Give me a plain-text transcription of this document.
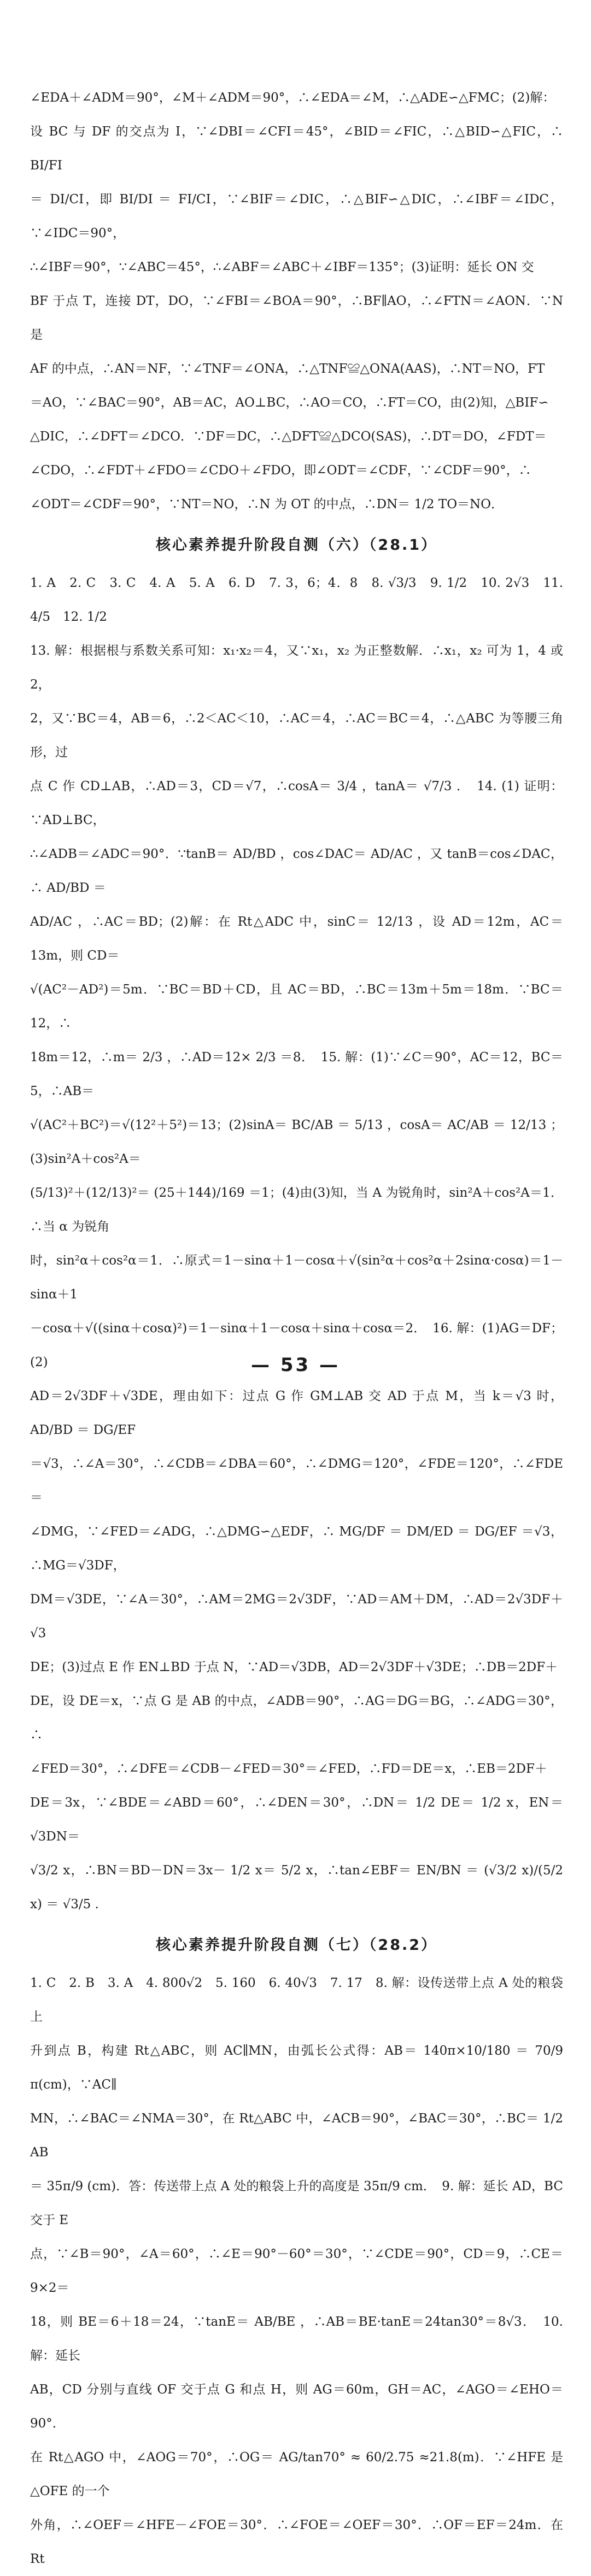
∠EDA＋∠ADM＝90°，∠M＋∠ADM＝90°，∴∠EDA＝∠M，∴△ADE∽△FMC；(2)解：

设 BC 与 DF 的交点为 I，∵∠DBI＝∠CFI＝45°，∠BID＝∠FIC，∴△BID∽△FIC，∴ BI/FI

＝ DI/CI，即 BI/DI ＝ FI/CI，∵∠BIF＝∠DIC，∴△BIF∽△DIC，∴∠IBF＝∠IDC，∵∠IDC＝90°，

∴∠IBF＝90°，∵∠ABC＝45°，∴∠ABF＝∠ABC＋∠IBF＝135°；(3)证明：延长 ON 交

BF 于点 T，连接 DT，DO，∵∠FBI＝∠BOA＝90°，∴BF∥AO，∴∠FTN＝∠AON．∵N 是

AF 的中点，∴AN＝NF，∵∠TNF＝∠ONA，∴△TNF≌△ONA(AAS)，∴NT＝NO，FT

＝AO，∵∠BAC＝90°，AB＝AC，AO⊥BC，∴AO＝CO，∴FT＝CO，由(2)知，△BIF∽

△DIC，∴∠DFT＝∠DCO．∵DF＝DC，∴△DFT≌△DCO(SAS)，∴DT＝DO，∠FDT＝

∠CDO，∴∠FDT＋∠FDO＝∠CDO＋∠FDO，即∠ODT＝∠CDF，∵∠CDF＝90°，∴

∠ODT＝∠CDF＝90°，∵NT＝NO，∴N 为 OT 的中点，∴DN＝ 1/2 TO＝NO．

核心素养提升阶段自测（六）（28.1）

1. A　2. C　3. C　4. A　5. A　6. D　7. 3，6；4．8　8. √3/3　9. 1/2　10. 2√3　11. 4/5　12. 1/2

13. 解：根据根与系数关系可知：x₁·x₂＝4，又∵x₁，x₂ 为正整数解．∴x₁，x₂ 可为 1，4 或 2，

2，又∵BC＝4，AB＝6，∴2＜AC＜10，∴AC＝4，∴AC＝BC＝4，∴△ABC 为等腰三角形，过

点 C 作 CD⊥AB，∴AD＝3，CD＝√7，∴cosA＝ 3/4 ，tanA＝ √7/3 ．　14. (1) 证明：∵AD⊥BC，

∴∠ADB＝∠ADC＝90°．∵tanB＝ AD/BD ，cos∠DAC＝ AD/AC ，又 tanB＝cos∠DAC，∴ AD/BD ＝

AD/AC ，∴AC＝BD；(2)解：在 Rt△ADC 中，sinC＝ 12/13 ，设 AD＝12m，AC＝13m，则 CD＝

√(AC²－AD²)＝5m．∵BC＝BD＋CD，且 AC＝BD，∴BC＝13m＋5m＝18m．∵BC＝12，∴

18m＝12，∴m＝ 2/3 ，∴AD＝12× 2/3 ＝8．　15. 解：(1)∵∠C＝90°，AC＝12，BC＝5，∴AB＝

√(AC²＋BC²)＝√(12²＋5²)＝13；(2)sinA＝ BC/AB ＝ 5/13 ，cosA＝ AC/AB ＝ 12/13 ；(3)sin²A＋cos²A＝

(5/13)²＋(12/13)²＝ (25＋144)/169 ＝1；(4)由(3)知，当 A 为锐角时，sin²A＋cos²A＝1．∴当 α 为锐角

时，sin²α＋cos²α＝1．∴原式＝1－sinα＋1－cosα＋√(sin²α＋cos²α＋2sinα·cosα)＝1－sinα＋1

－cosα＋√((sinα＋cosα)²)＝1－sinα＋1－cosα＋sinα＋cosα＝2．　16. 解：(1)AG＝DF；(2)

AD＝2√3DF＋√3DE，理由如下：过点 G 作 GM⊥AB 交 AD 于点 M，当 k＝√3 时， AD/BD ＝ DG/EF

＝√3，∴∠A＝30°，∴∠CDB＝∠DBA＝60°，∴∠DMG＝120°，∠FDE＝120°，∴∠FDE＝

∠DMG，∵∠FED＝∠ADG，∴△DMG∽△EDF，∴ MG/DF ＝ DM/ED ＝ DG/EF ＝√3，∴MG＝√3DF，

DM＝√3DE，∵∠A＝30°，∴AM＝2MG＝2√3DF，∵AD＝AM＋DM，∴AD＝2√3DF＋√3

DE；(3)过点 E 作 EN⊥BD 于点 N，∵AD＝√3DB，AD＝2√3DF＋√3DE；∴DB＝2DF＋

DE，设 DE＝x，∵点 G 是 AB 的中点，∠ADB＝90°，∴AG＝DG＝BG，∴∠ADG＝30°，∴

∠FED＝30°，∴∠DFE＝∠CDB－∠FED＝30°＝∠FED，∴FD＝DE＝x，∴EB＝2DF＋

DE＝3x，∵∠BDE＝∠ABD＝60°，∴∠DEN＝30°，∴DN＝ 1/2 DE＝ 1/2 x，EN＝√3DN＝

√3/2 x，∴BN＝BD－DN＝3x－ 1/2 x＝ 5/2 x，∴tan∠EBF＝ EN/BN ＝ (√3/2 x)/(5/2 x) ＝ √3/5 .

核心素养提升阶段自测（七）（28.2）

1. C　2. B　3. A　4. 800√2　5. 160　6. 40√3　7. 17　8. 解：设传送带上点 A 处的粮袋上

升到点 B，构建 Rt△ABC，则 AC∥MN，由弧长公式得：AB＝ 140π×10/180 ＝ 70/9 π(cm)，∵AC∥

MN，∴∠BAC＝∠NMA＝30°，在 Rt△ABC 中，∠ACB＝90°，∠BAC＝30°，∴BC＝ 1/2 AB

＝ 35π/9 (cm)．答：传送带上点 A 处的粮袋上升的高度是 35π/9 cm．　9. 解：延长 AD，BC 交于 E

点，∵∠B＝90°，∠A＝60°，∴∠E＝90°－60°＝30°，∵∠CDE＝90°，CD＝9，∴CE＝9×2＝

18，则 BE＝6＋18＝24，∵tanE＝ AB/BE ，∴AB＝BE·tanE＝24tan30°＝8√3．　10. 解：延长

AB，CD 分别与直线 OF 交于点 G 和点 H，则 AG＝60m，GH＝AC，∠AGO＝∠EHO＝90°．

在 Rt△AGO 中，∠AOG＝70°，∴OG＝ AG/tan70° ≈ 60/2.75 ≈21.8(m)．∵∠HFE 是△OFE 的一个

外角，∴∠OEF＝∠HFE－∠FOE＝30°．∴∠FOE＝∠OEF＝30°．∴OF＝EF＝24m．在 Rt

— 53 —
